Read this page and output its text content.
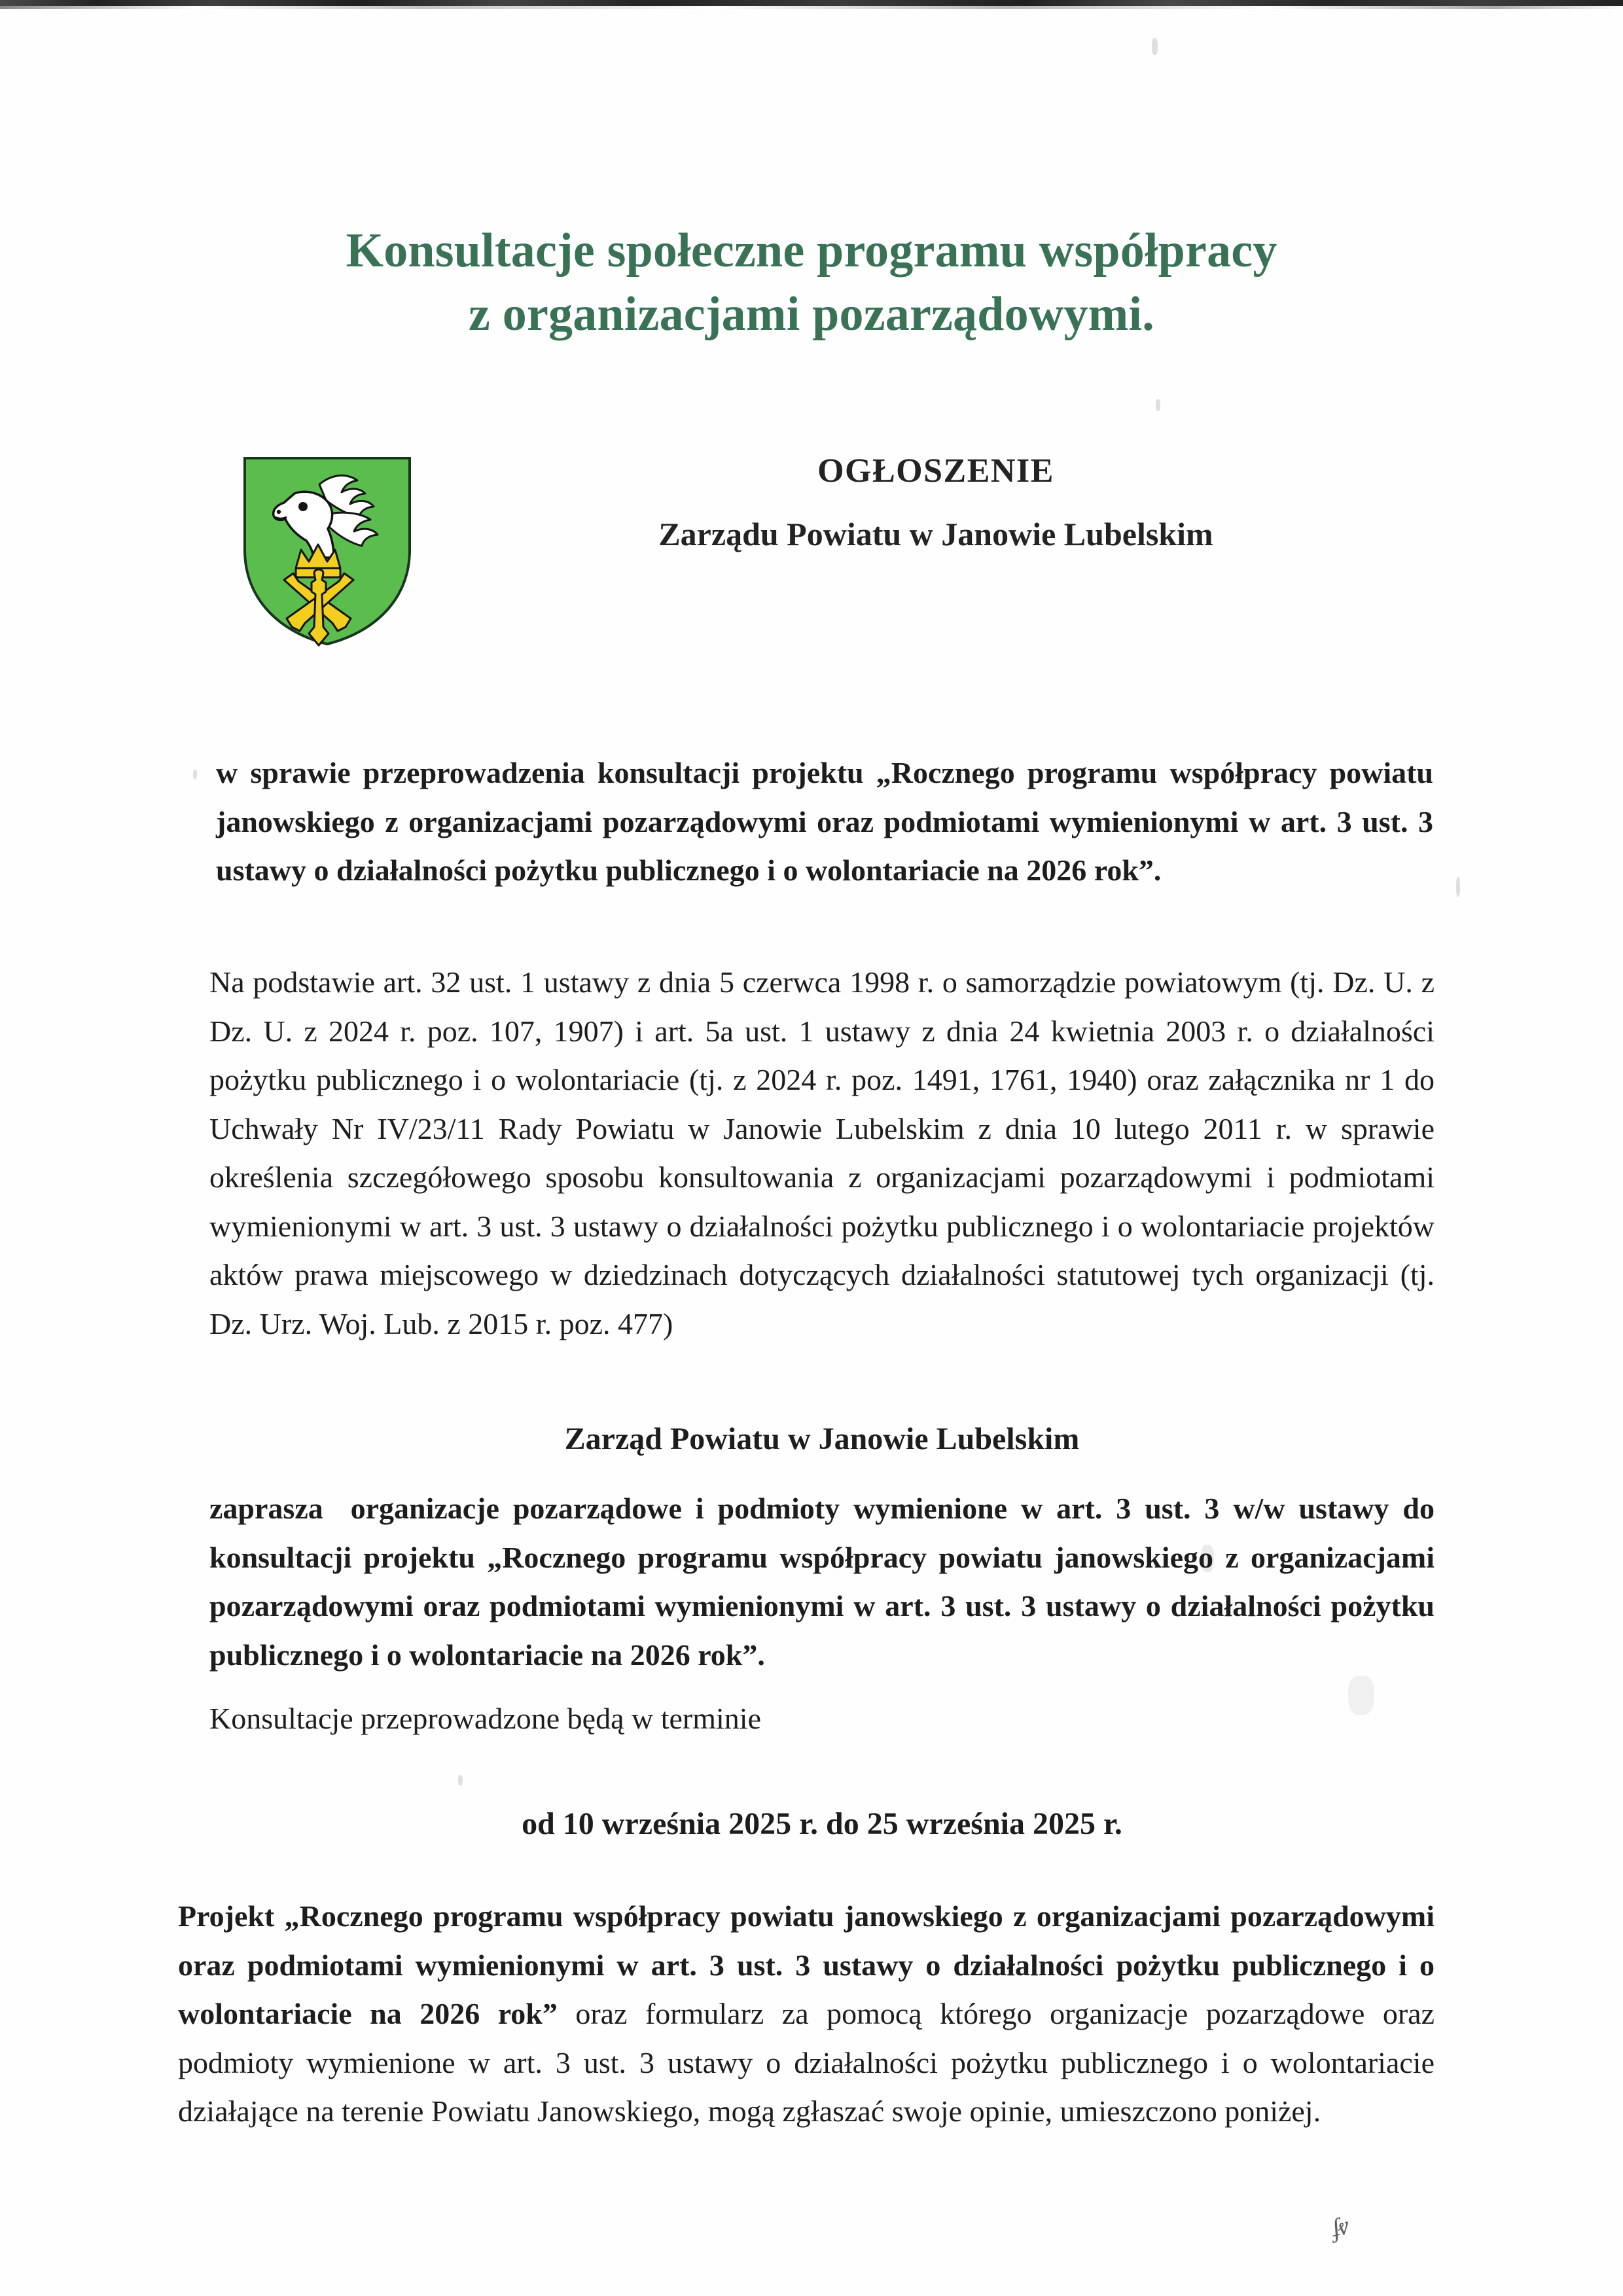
Konsultacje społeczne programu współpracy
z organizacjami pozarządowymi.
OGŁOSZENIE
Zarządu Powiatu w Janowie Lubelskim

w sprawie przeprowadzenia konsultacji projektu „Rocznego programu współpracy powiatu janowskiego z organizacjami pozarządowymi oraz podmiotami wymienionymi w art. 3 ust. 3 ustawy o działalności pożytku publicznego i o wolontariacie na 2026 rok”.

Na podstawie art. 32 ust. 1 ustawy z dnia 5 czerwca 1998 r. o samorządzie powiatowym (tj. Dz. U. z Dz. U. z 2024 r. poz. 107, 1907) i art. 5a ust. 1 ustawy z dnia 24 kwietnia 2003 r. o działalności pożytku publicznego i o wolontariacie (tj. z 2024 r. poz. 1491, 1761, 1940) oraz załącznika nr 1 do Uchwały Nr IV/23/11 Rady Powiatu w Janowie Lubelskim z dnia 10 lutego 2011 r. w sprawie określenia szczegółowego sposobu konsultowania z organizacjami pozarządowymi i podmiotami wymienionymi w art. 3 ust. 3 ustawy o działalności pożytku publicznego i o wolontariacie projektów aktów prawa miejscowego w dziedzinach dotyczących działalności statutowej tych organizacji (tj. Dz. Urz. Woj. Lub. z 2015 r. poz. 477)

Zarząd Powiatu w Janowie Lubelskim

zaprasza  organizacje pozarządowe i podmioty wymienione w art. 3 ust. 3 w/w ustawy do konsultacji projektu „Rocznego programu współpracy powiatu janowskiego z organizacjami pozarządowymi oraz podmiotami wymienionymi w art. 3 ust. 3 ustawy o działalności pożytku publicznego i o wolontariacie na 2026 rok”.

Konsultacje przeprowadzone będą w terminie

od 10 września 2025 r. do 25 września 2025 r.

Projekt „Rocznego programu współpracy powiatu janowskiego z organizacjami pozarządowymi oraz podmiotami wymienionymi w art. 3 ust. 3 ustawy o działalności pożytku publicznego i o wolontariacie na 2026 rok” oraz formularz za pomocą którego organizacje pozarządowe oraz podmioty wymienione w art. 3 ust. 3 ustawy o działalności pożytku publicznego i o wolontariacie działające na terenie Powiatu Janowskiego, mogą zgłaszać swoje opinie, umieszczono poniżej.

ʄⱴ
